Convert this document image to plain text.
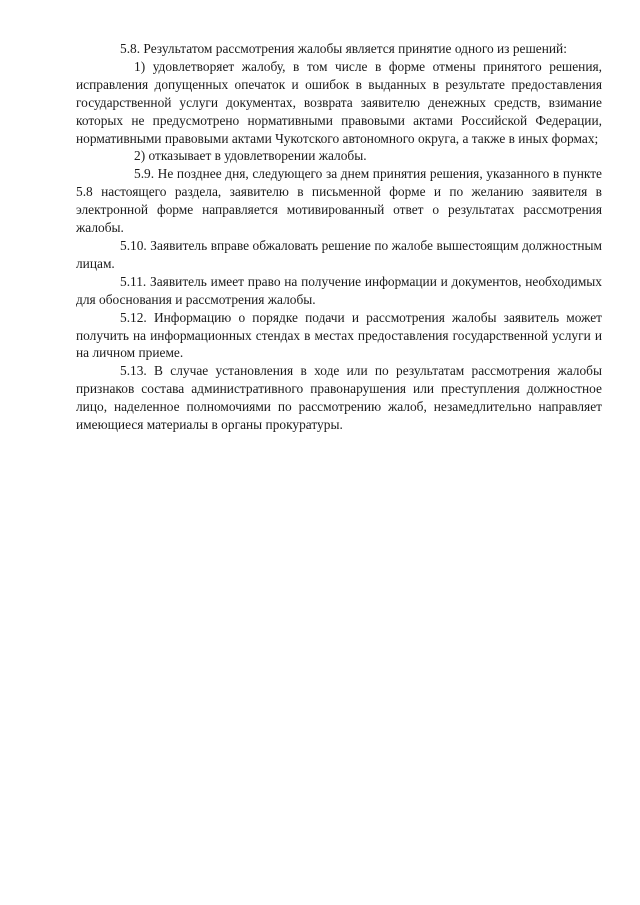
5.8. Результатом рассмотрения жалобы является принятие одного из решений:

1) удовлетворяет жалобу, в том числе в форме отмены принятого решения, исправления допущенных опечаток и ошибок в выданных в результате предоставления государственной услуги документах, возврата заявителю денежных средств, взимание которых не предусмотрено нормативными правовыми актами Российской Федерации, нормативными правовыми актами Чукотского автономного округа, а также в иных формах;

2) отказывает в удовлетворении жалобы.

5.9. Не позднее дня, следующего за днем принятия решения, указанного в пункте 5.8 настоящего раздела, заявителю в письменной форме и по желанию заявителя в электронной форме направляется мотивированный ответ о результатах рассмотрения жалобы.

5.10. Заявитель вправе обжаловать решение по жалобе вышестоящим должностным лицам.

5.11. Заявитель имеет право на получение информации и документов, необходимых для обоснования и рассмотрения жалобы.

5.12. Информацию о порядке подачи и рассмотрения жалобы заявитель может получить на информационных стендах в местах предоставления государственной услуги и на личном приеме.

5.13. В случае установления в ходе или по результатам рассмотрения жалобы признаков состава административного правонарушения или преступления должностное лицо, наделенное полномочиями по рассмотрению жалоб, незамедлительно направляет имеющиеся материалы в органы прокуратуры.
